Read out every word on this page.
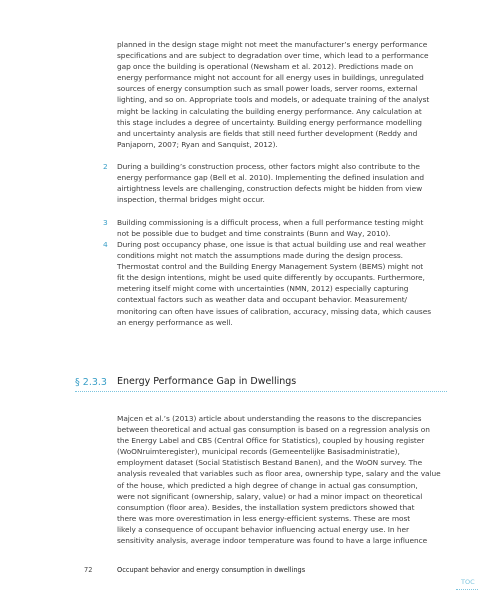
planned in the design stage might not meet the manufacturer’s energy performance
specifications and are subject to degradation over time, which lead to a performance
gap once the building is operational (Newsham et al. 2012). Predictions made on
energy performance might not account for all energy uses in buildings, unregulated
sources of energy consumption such as small power loads, server rooms, external
lighting, and so on. Appropriate tools and models, or adequate training of the analyst
might be lacking in calculating the building energy performance. Any calculation at
this stage includes a degree of uncertainty. Building energy performance modelling
and uncertainty analysis are fields that still need further development (Reddy and
Panjaporn, 2007; Ryan and Sanquist, 2012).
2 During a building’s construction process, other factors might also contribute to the
energy performance gap (Bell et al. 2010). Implementing the defined insulation and
airtightness levels are challenging, construction defects might be hidden from view
inspection, thermal bridges might occur.
3 Building commissioning is a difficult process, when a full performance testing might
not be possible due to budget and time constraints (Bunn and Way, 2010).
4 During post occupancy phase, one issue is that actual building use and real weather
conditions might not match the assumptions made during the design process.
Thermostat control and the Building Energy Management System (BEMS) might not
fit the design intentions, might be used quite differently by occupants. Furthermore,
metering itself might come with uncertainties (NMN, 2012) especially capturing
contextual factors such as weather data and occupant behavior. Measurement/
monitoring can often have issues of calibration, accuracy, missing data, which causes
an energy performance as well.
§ 2.3.3 Energy Performance Gap in Dwellings
Majcen et al.’s (2013) article about understanding the reasons to the discrepancies
between theoretical and actual gas consumption is based on a regression analysis on
the Energy Label and CBS (Central Office for Statistics), coupled by housing register
(WoONruimteregister), municipal records (Gemeentelijke Basisadministratie),
employment dataset (Social Statistisch Bestand Banen), and the WoON survey. The
analysis revealed that variables such as floor area, ownership type, salary and the value
of the house, which predicted a high degree of change in actual gas consumption,
were not significant (ownership, salary, value) or had a minor impact on theoretical
consumption (floor area). Besides, the installation system predictors showed that
there was more overestimation in less energy-efficient systems. These are most
likely a consequence of occupant behavior influencing actual energy use. In her
sensitivity analysis, average indoor temperature was found to have a large influence
72	Occupant behavior and energy consumption in dwellings
TOC
